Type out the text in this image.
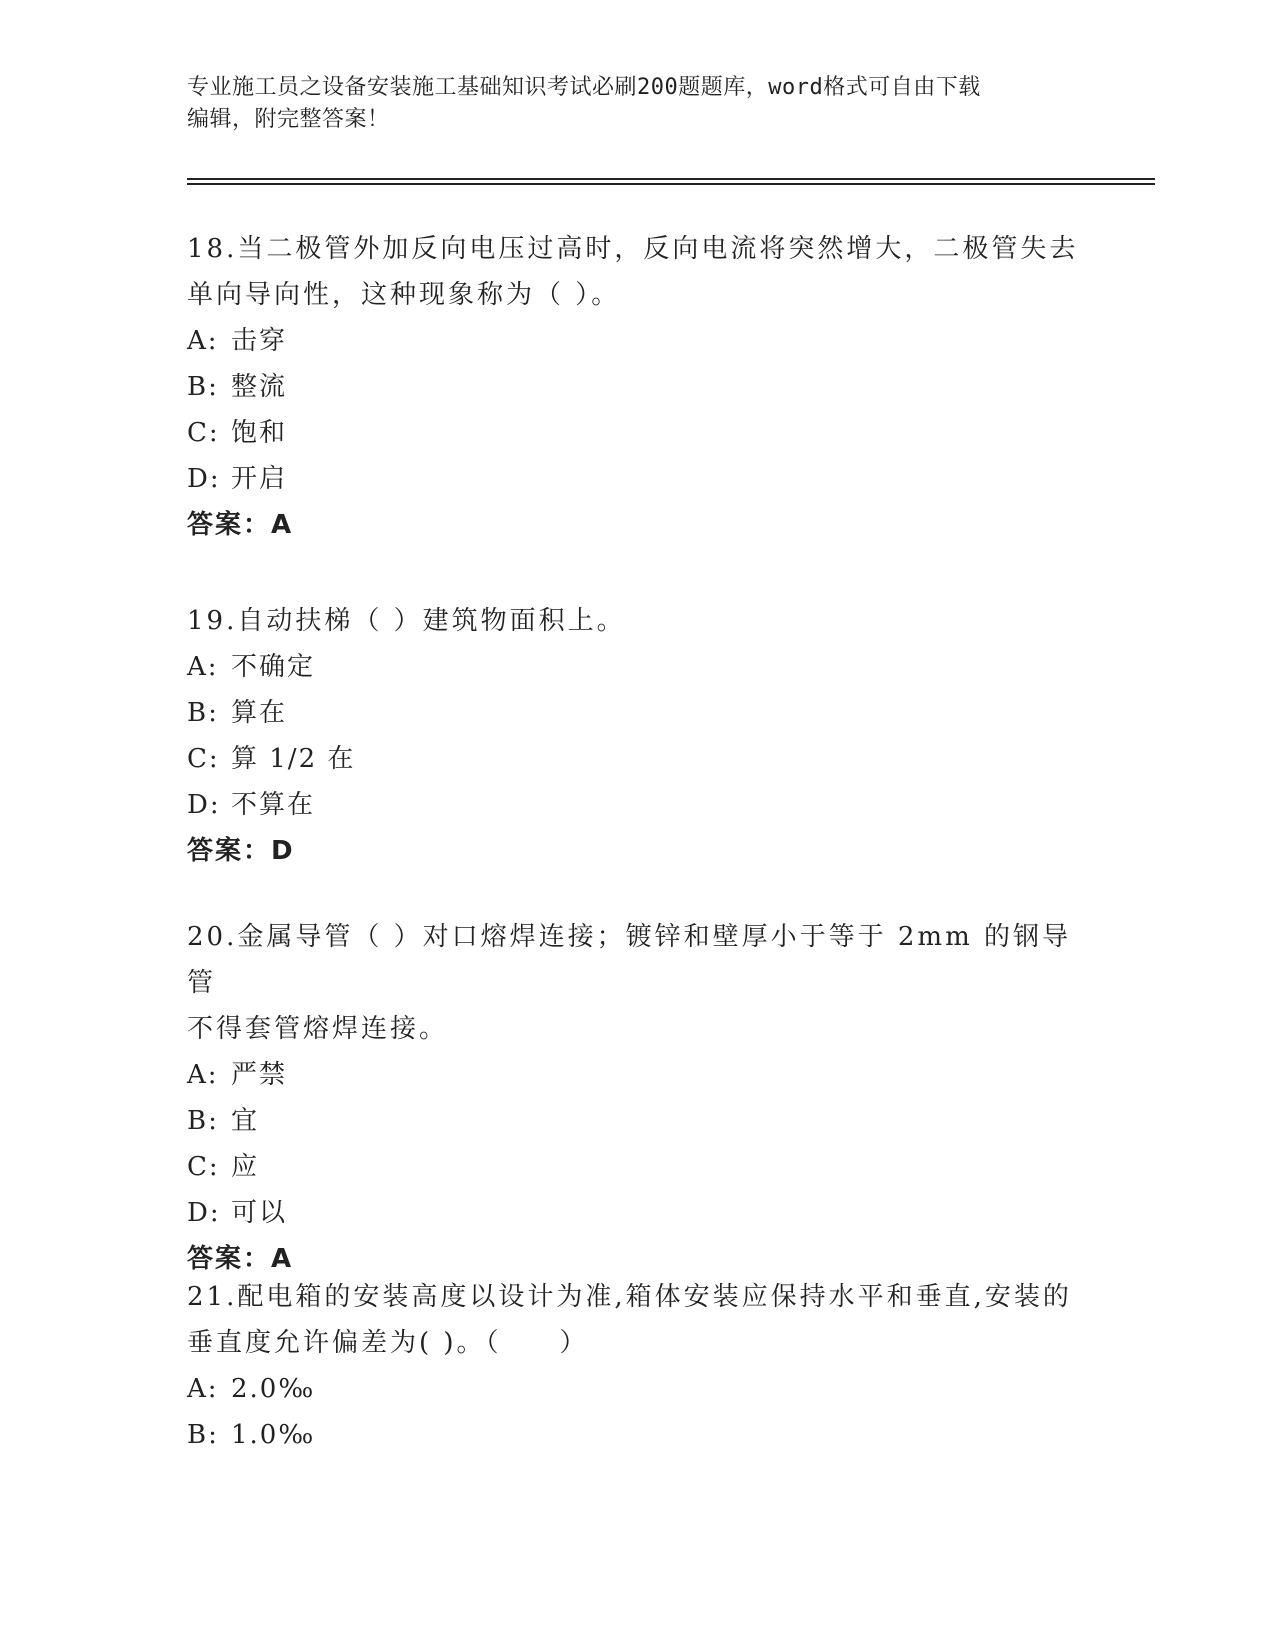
专业施工员之设备安装施工基础知识考试必刷200题题库，word格式可自由下载
编辑，附完整答案！

18.当二极管外加反向电压过高时，反向电流将突然增大，二极管失去

单向导向性，这种现象称为（ ）。

A: 击穿

B: 整流

C: 饱和

D: 开启

答案：A

19.自动扶梯（ ）建筑物面积上。

A: 不确定

B: 算在

C: 算 1/2 在

D: 不算在

答案：D

20.金属导管（ ）对口熔焊连接；镀锌和壁厚小于等于 2mm 的钢导管

不得套管熔焊连接。

A: 严禁

B: 宜

C: 应

D: 可以

答案：A

21.配电箱的安装高度以设计为准,箱体安装应保持水平和垂直,安装的

垂直度允许偏差为( )。（　　）

A: 2.0‰

B: 1.0‰
